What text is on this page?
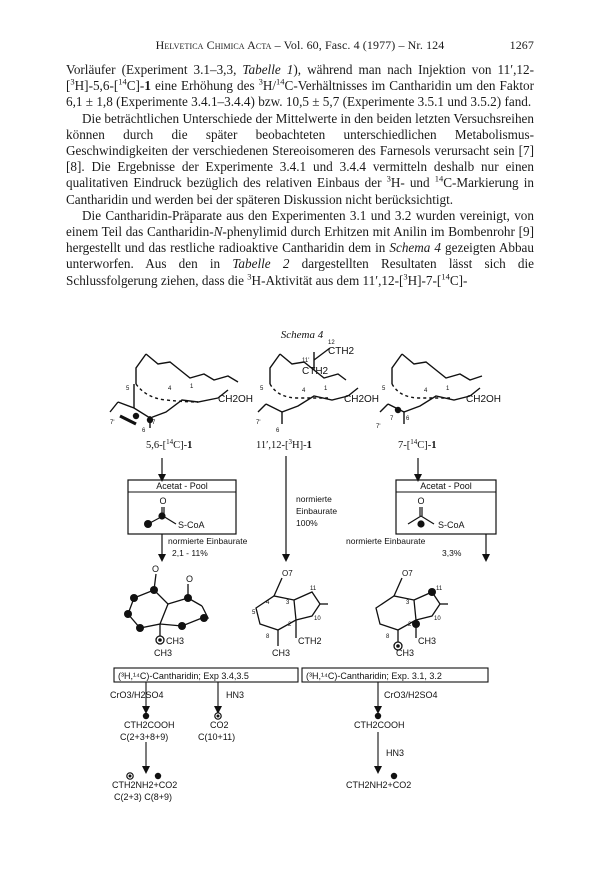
Helvetica Chimica Acta – Vol. 60, Fasc. 4 (1977) – Nr. 124	1267

Vorläufer (Experiment 3.1–3,3, Tabelle 1), während man nach Injektion von 11′,12-[$^3$H]-5,6-[$^{14}$C]-1 eine Erhöhung des $^3$H/$^{14}$C-Verhältnisses im Cantharidin um den Faktor 6,1 ± 1,8 (Experimente 3.4.1–3.4.4) bzw. 10,5 ± 5,7 (Experimente 3.5.1 und 3.5.2) fand.

Die beträchtlichen Unterschiede der Mittelwerte in den beiden letzten Versuchsreihen können durch die später beobachteten unterschiedlichen Metabolismus-Geschwindigkeiten der verschiedenen Stereoisomeren des Farnesols verursacht sein [7] [8]. Die Ergebnisse der Experimente 3.4.1 und 3.4.4 vermitteln deshalb nur einen qualitativen Eindruck bezüglich des relativen Einbaus der $^3$H- und $^{14}$C-Markierung in Cantharidin und werden bei der späteren Diskussion nicht berücksichtigt.

Die Cantharidin-Präparate aus den Experimenten 3.1 und 3.2 wurden vereinigt, von einem Teil das Cantharidin-N-phenylimid durch Erhitzen mit Anilin im Bombenrohr [9] hergestellt und das restliche radioaktive Cantharidin dem in Schema 4 gezeigten Abbau unterworfen. Aus den in Tabelle 2 dargestellten Resultaten lässt sich die Schlussfolgerung ziehen, dass die $^3$H-Aktivität aus dem 11′,12-[$^3$H]-7-[$^{14}$C]-

Schema 4
CH2OH
5	4	1
6
7
7'
CTH2
CTH2
12
11'
CH2OH
5	4	1
6
7'
CH2OH
5	4	1
6
7
7'
5,6-[$^{14}$C]-1	11′,12-[$^3$H]-1	7-[$^{14}$C]-1
Acetat - Pool
O
S-CoA
normierte Einbaurate
2,1 - 11%
normierte
Einbaurate
100%
Acetat - Pool
O
S-CoA
normierte Einbaurate
3,3%
O
O
CH3
CH3
O7
11
3
5
4
2
10
8	CTH2
CH3
O7
3
11
2
10
8	CH3
CH3
(³H,¹⁴C)-Cantharidin; Exp 3.4,3.5	(³H,¹⁴C)-Cantharidin; Exp. 3.1, 3.2
CrO3/H2SO4	HN3	CrO3/H2SO4
CTH2COOH	CO2	CTH2COOH
C(2+3+8+9)	C(10+11)
HN3
CTH2NH2+CO2
C(2+3) C(8+9)
CTH2NH2+CO2
